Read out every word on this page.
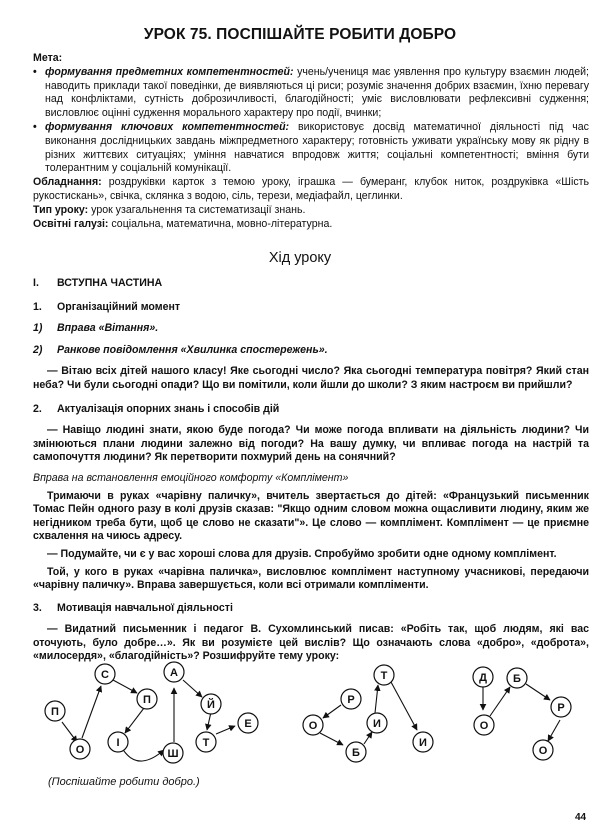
УРОК 75. ПОСПІШАЙТЕ РОБИТИ ДОБРО

Мета:

• формування предметних компетентностей: учень/учениця має уявлення про культуру взаємин людей; наводить приклади такої поведінки, де виявляються ці риси; розуміє значення добрих взаємин, їхню перевагу над конфліктами, сутність доброзичливості, благодійності; уміє висловлювати рефлексивні судження; висловлює оцінні судження морального характеру про події, вчинки;

• формування ключових компетентностей: використовує досвід математичної діяльності під час виконання дослідницьких завдань міжпредметного характеру; готовність уживати українську мову як рідну в різних життєвих ситуаціях; уміння навчатися впродовж життя; соціальні компетентності; вміння бути толерантним у соціальній комунікації.

Обладнання: роздруківки карток з темою уроку, іграшка — бумеранг, клубок ниток, роздруківка «Шість рукостискань», свічка, склянка з водою, сіль, терези, медіафайл, цеглинки.

Тип уроку: урок узагальнення та систематизації знань.

Освітні галузі: соціальна, математична, мовно-літературна.

Хід уроку
I.	ВСТУПНА ЧАСТИНА
1.	Організаційний момент
1)	Вправа «Вітання».
2)	Ранкове повідомлення «Хвилинка спостережень».

— Вітаю всіх дітей нашого класу! Яке сьогодні число? Яка сьогодні температура повітря? Який стан неба? Чи були сьогодні опади? Що ви помітили, коли йшли до школи? З яким настроєм ви прийшли?

2.	Актуалізація опорних знань і способів дій

— Навіщо людині знати, якою буде погода? Чи може погода впливати на діяльність людини? Чи змінюються плани людини залежно від погоди? На вашу думку, чи впливає погода на настрій та самопочуття людини? Як перетворити похмурий день на сонячний?

Вправа на встановлення емоційного комфорту «Комплімент»

Тримаючи в руках «чарівну паличку», вчитель звертається до дітей: «Французький письменник Томас Пейн одного разу в колі друзів сказав: "Якщо одним словом можна ощасливити людину, яким же негідником треба бути, щоб це слово не сказати"». Це слово — комплімент. Комплімент — це приємне схвалення на чиюсь адресу.

— Подумайте, чи є у вас хороші слова для друзів. Спробуймо зробити одне одному комплімент.

Той, у кого в руках «чарівна паличка», висловлює комплімент наступному учасникові, передаючи «чарівну паличку». Вправа завершується, коли всі отримали компліменти.

3.	Мотивація навчальної діяльності

— Видатний письменник і педагог В. Сухомлинський писав: «Робіть так, щоб людям, які вас оточують, було добре…». Як ви розумієте цей вислів? Що означають слова «добро», «доброта», «милосердя», «благодійність»? Розшифруйте тему уроку:

П
О
С
П
І
Ш
А
Й
Т
Е
Р
О
Б
И
Т
И
Д
О
Б
Р
О
(Поспішайте робити добро.)
44
